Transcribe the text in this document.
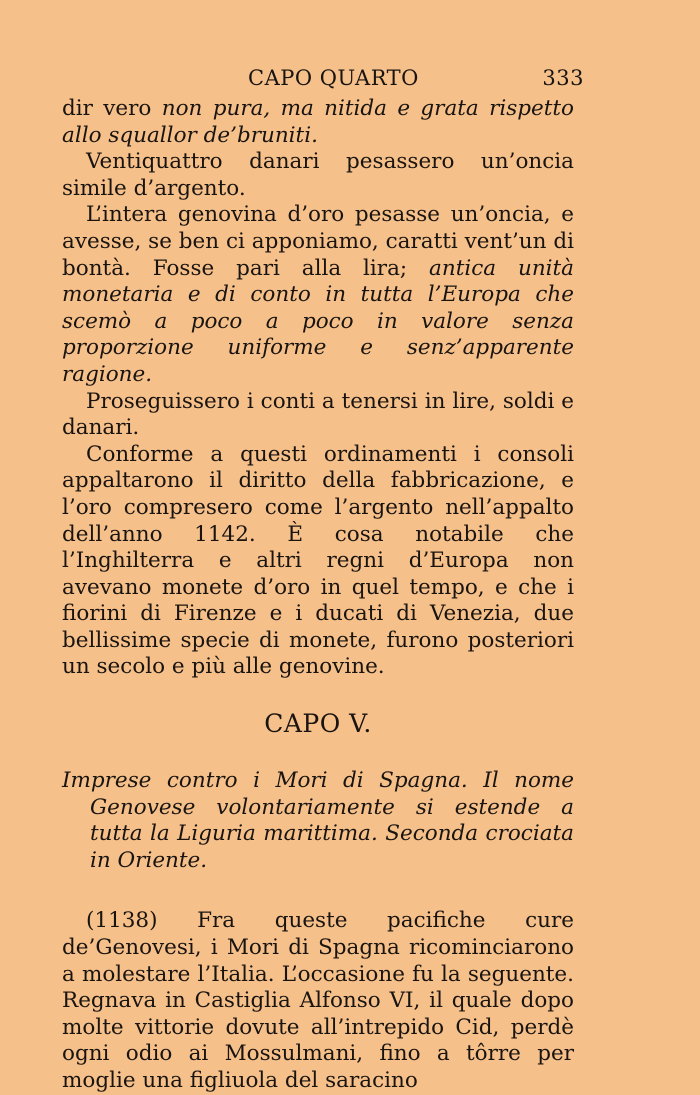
CAPO QUARTO	333

dir vero non pura, ma nitida e grata rispetto allo squallor de’bruniti.

Ventiquattro danari pesassero un’oncia simile d’argento.

L’intera genovina d’oro pesasse un’oncia, e avesse, se ben ci apponiamo, caratti vent’un di bontà. Fosse pari alla lira; antica unità monetaria e di conto in tutta l’Europa che scemò a poco a poco in valore senza proporzione uniforme e senz’apparente ragione.

Proseguissero i conti a tenersi in lire, soldi e danari.

Conforme a questi ordinamenti i consoli appaltarono il diritto della fabbricazione, e l’oro compresero come l’argento nell’appalto dell’anno 1142. È cosa notabile che l’Inghilterra e altri regni d’Europa non avevano monete d’oro in quel tempo, e che i fiorini di Firenze e i ducati di Venezia, due bellissime specie di monete, furono posteriori un secolo e più alle genovine.

CAPO V.

Imprese contro i Mori di Spagna. Il nome Genovese volontariamente si estende a tutta la Liguria marittima. Seconda crociata in Oriente.

(1138) Fra queste pacifiche cure de’Genovesi, i Mori di Spagna ricominciarono a molestare l’Italia. L’occasione fu la seguente. Regnava in Castiglia Alfonso VI, il quale dopo molte vittorie dovute all’intrepido Cid, perdè ogni odio ai Mossulmani, fino a tôrre per moglie una figliuola del saracino
